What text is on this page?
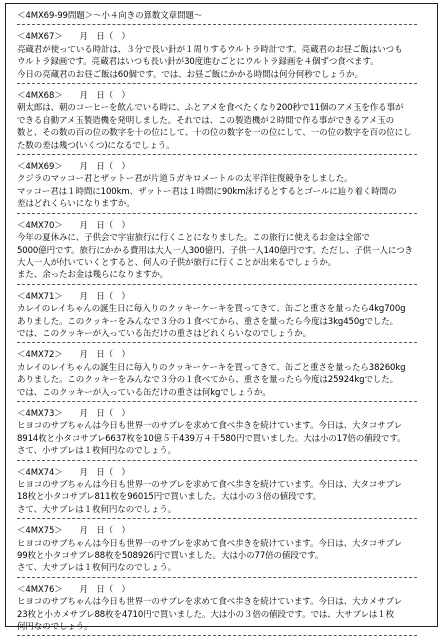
＜4MX69-99問題＞～小４向きの算数文章問題～
＜4MX67＞　　月　日（　）
亮蔵君が使っている時計は、３分で長い針が１周りするウルトラ時計です。亮蔵君のお昼ご飯はいつも
ウルトラ録画です。亮蔵君はいつも長い針が30度進むごとにウルトラ録画を４個ずつ食べます。
今日の亮蔵君のお昼ご飯は60個です。では、お昼ご飯にかかる時間は何分何秒でしょうか。
＜4MX68＞　　月　日（　）
朝太郎は、朝のコーヒーを飲んでいる時に、ふとアメを食べたくなり200秒で11個のアメ玉を作る事が
できる自動アメ玉製造機を発明しました。それでは、この製造機が２時間で作る事ができるアメ玉の
数と、その数の百の位の数字を十の位にして、十の位の数字を一の位にして、一の位の数字を百の位にし
た数の差は幾つ(いくつ)になるでしょう。
＜4MX69＞　　月　日（　）
クジラのマッコー君とザットー君が片道５ガキロメートルの太平洋往復競争をしました。
マッコー君は１時間に100km、ザットー君は１時間に90km泳げるとするとゴールに辿り着く時間の
差はどれくらいになりますか。
＜4MX70＞　　月　日（　）
今年の夏休みに、子供会で宇宙旅行に行くことになりました。この旅行に使えるお金は全部で
5000億円です。旅行にかかる費用は大人一人300億円、子供一人140億円です。ただし、子供一人につき
大人一人が付いていくとすると、何人の子供が旅行に行くことが出来るでしょうか。
また、余ったお金は幾らになりますか。
＜4MX71＞　　月　日（　）
カレイのレイちゃんの誕生日に毎入りのクッキーケーキを買ってきて、缶ごと重さを量ったら4kg700g
ありました。このクッキーをみんなで３分の１食べてから、重さを量ったら今度は3kg450gでした。
では、このクッキーが入っている缶だけの重さはどれくらいなのでしょうか。
＜4MX72＞　　月　日（　）
カレイのレイちゃんの誕生日に毎入りのクッキーケーキを買ってきて、缶ごと重さを量ったら38260kg
ありました。このクッキーをみんなで３分の１食べてから、重さを量ったら今度は25924kgでした。
では、このクッキーが入っている缶だけの重さは何kgでしょうか。
＜4MX73＞　　月　日（　）
ヒヨコのサブちゃんは今日も世界一のサブレを求めて食べ歩きを続けています。今日は、大タコサブレ
8914枚と小タコサブレ6637枚を10億５千439万４千580円で買いました。大は小の17倍の値段です。
さて、小サブレは１枚何円なのでしょう。
＜4MX74＞　　月　日（　）
ヒヨコのサブちゃんは今日も世界一のサブレを求めて食べ歩きを続けています。今日は、大タコサブレ
18枚と小タコサブレ811枚を96015円で買いました。大は小の３倍の値段です。
さて、大サブレは１枚何円なのでしょう。
＜4MX75＞　　月　日（　）
ヒヨコのサブちゃんは今日も世界一のサブレを求めて食べ歩きを続けています。今日は、大タコサブレ
99枚と小タコサブレ88枚を508926円で買いました。大は小の77倍の値段です。
さて、大サブレは１枚何円なのでしょう。
＜4MX76＞　　月　日（　）
ヒヨコのサブちゃんは今日も世界一のサブレを求めて食べ歩きを続けています。今日は、大カメサブレ
23枚と小カメサブレ88枚を4710円で買いました。大は小の３倍の値段です。では、大サブレは１枚
何円なのでしょう。
